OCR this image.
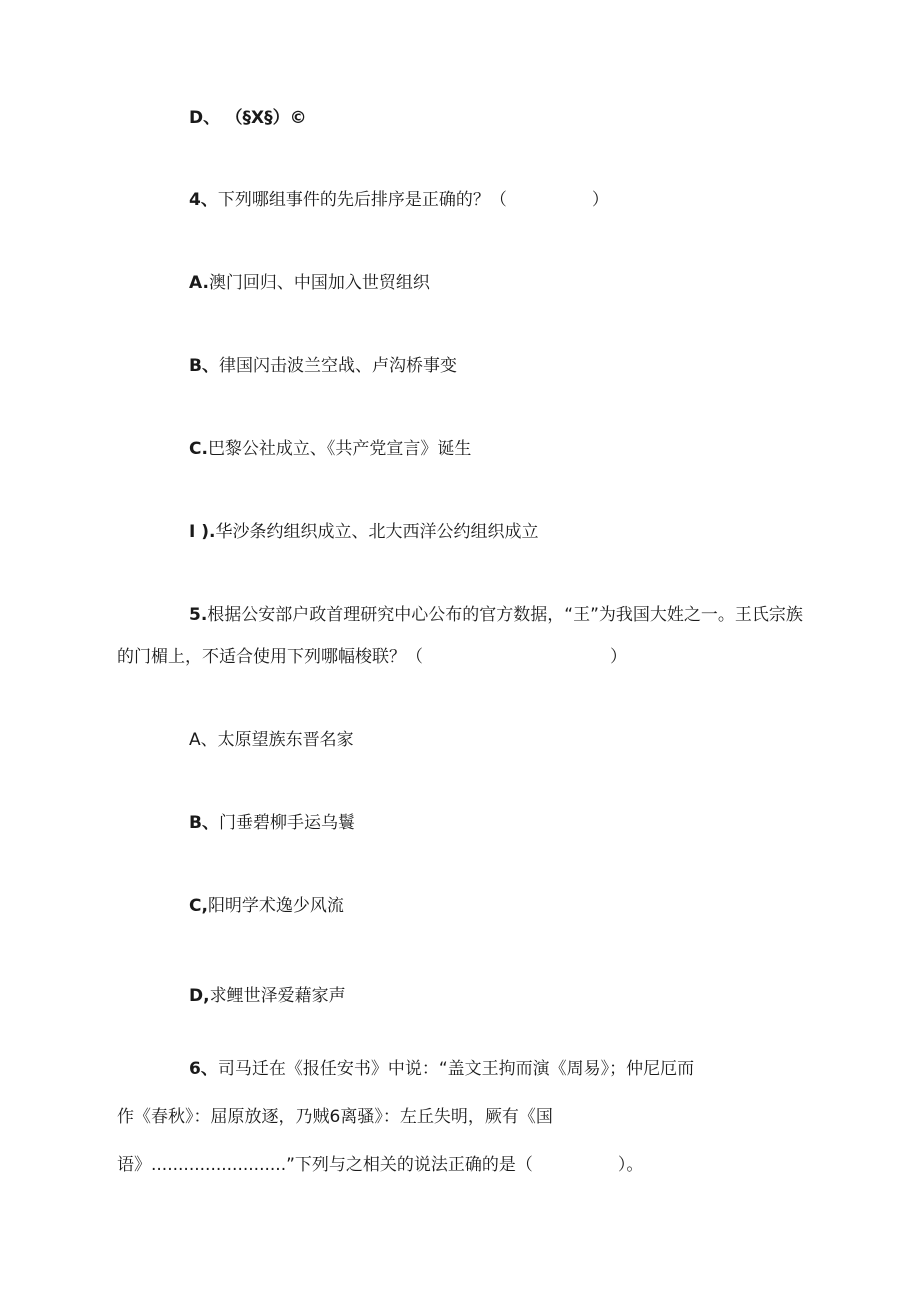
D、 （§X§）©

4、下列哪组事件的先后排序是正确的？（　　　　　）

A.澳门回归、中国加入世贸组织

B、律国闪击波兰空战、卢沟桥事变

C.巴黎公社成立、《共产党宣言》诞生

I ).华沙条约组织成立、北大西洋公约组织成立

5.根据公安部户政首理研究中心公布的官方数据，“王”为我国大姓之一。王氏宗族

的门楣上，不适合使用下列哪幅梭联？（　　　　　　　　　　　）

A、太原望族东晋名家

B、门垂碧柳手运乌鬟

C,阳明学术逸少风流

D,求鲤世泽爱藉家声

6、司马迁在《报任安书》中说：“盖文王拘而演《周易》；仲尼厄而

作《春秋》：屈原放逐，乃贼6离骚》：左丘失明，厥有《国

语》.........................”下列与之相关的说法正确的是（　　　　　）。
